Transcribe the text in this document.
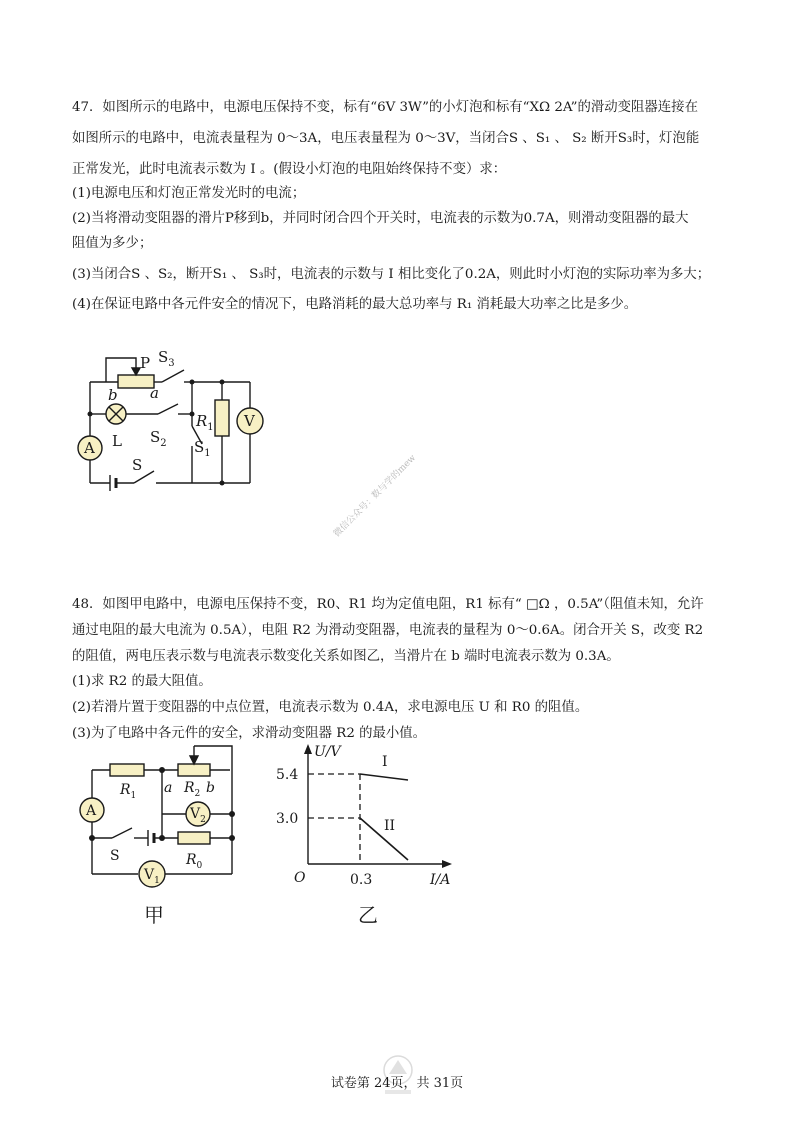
47．如图所示的电路中，电源电压保持不变，标有“6V 3W”的小灯泡和标有“XΩ 2A”的滑动变阻器连接在

如图所示的电路中，电流表量程为 0～3A，电压表量程为 0～3V，当闭合S 、S₁ 、 S₂ 断开S₃时，灯泡能

正常发光，此时电流表示数为 I 。(假设小灯泡的电阻始终保持不变）求：

(1)电源电压和灯泡正常发光时的电流；

(2)当将滑动变阻器的滑片P移到b，并同时闭合四个开关时，电流表的示数为0.7A，则滑动变阻器的最大

阻值为多少；

(3)当闭合S 、S₂，断开S₁ 、 S₃时，电流表的示数与 I 相比变化了0.2A，则此时小灯泡的实际功率为多大；

(4)在保证电路中各元件安全的情况下，电路消耗的最大总功率与 R₁ 消耗最大功率之比是多少。

P $S_3$
b a
$R_1$ V
L
A
$S_2$ $S_1$
S	微信公众号：数与学的mew

48．如图甲电路中，电源电压保持不变，R0、R1 均为定值电阻，R1 标有“ □Ω ，0.5A”（阻值未知，允许

通过电阻的最大电流为 0.5A），电阻 R2 为滑动变阻器，电流表的量程为 0～0.6A。闭合开关 S，改变 R2

的阻值，两电压表示数与电流表示数变化关系如图乙，当滑片在 b 端时电流表示数为 0.3A。

(1)求 R2 的最大阻值。

(2)若滑片置于变阻器的中点位置，电流表示数为 0.4A，求电源电压 U 和 R0 的阻值。

(3)为了电路中各元件的安全，求滑动变阻器 R2 的最小值。

$R_1$ a $R_2$ b
A	$V_2$
S	$R_0$
$V_1$
甲
U/V
I/A
O
5.4
3.0
0.3
I
II
乙
试卷第 24页，共 31页
